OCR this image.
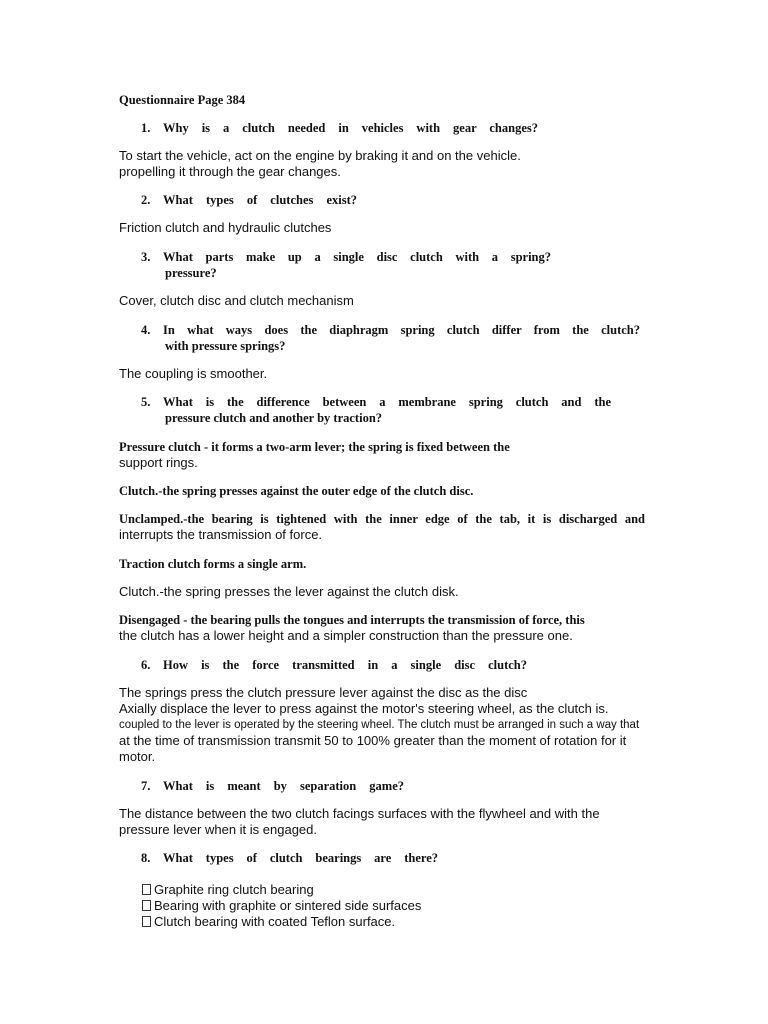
Questionnaire Page 384
1. Why is a clutch needed in vehicles with gear changes?
To start the vehicle, act on the engine by braking it and on the vehicle.
propelling it through the gear changes.
2. What types of clutches exist?
Friction clutch and hydraulic clutches
3. What parts make up a single disc clutch with a spring?
pressure?
Cover, clutch disc and clutch mechanism
4. In what ways does the diaphragm spring clutch differ from the clutch?
with pressure springs?
The coupling is smoother.
5. What is the difference between a membrane spring clutch and the
pressure clutch and another by traction?
Pressure clutch - it forms a two-arm lever; the spring is fixed between the
support rings.
Clutch.-the spring presses against the outer edge of the clutch disc.
Unclamped.-the bearing is tightened with the inner edge of the tab, it is discharged and
interrupts the transmission of force.
Traction clutch forms a single arm.
Clutch.-the spring presses the lever against the clutch disk.
Disengaged - the bearing pulls the tongues and interrupts the transmission of force, this
the clutch has a lower height and a simpler construction than the pressure one.
6. How is the force transmitted in a single disc clutch?
The springs press the clutch pressure lever against the disc as the disc
Axially displace the lever to press against the motor's steering wheel, as the clutch is.
coupled to the lever is operated by the steering wheel. The clutch must be arranged in such a way that
at the time of transmission transmit 50 to 100% greater than the moment of rotation for it
motor.
7. What is meant by separation game?
The distance between the two clutch facings surfaces with the flywheel and with the
pressure lever when it is engaged.
8. What types of clutch bearings are there?
Graphite ring clutch bearing
Bearing with graphite or sintered side surfaces
Clutch bearing with coated Teflon surface.
